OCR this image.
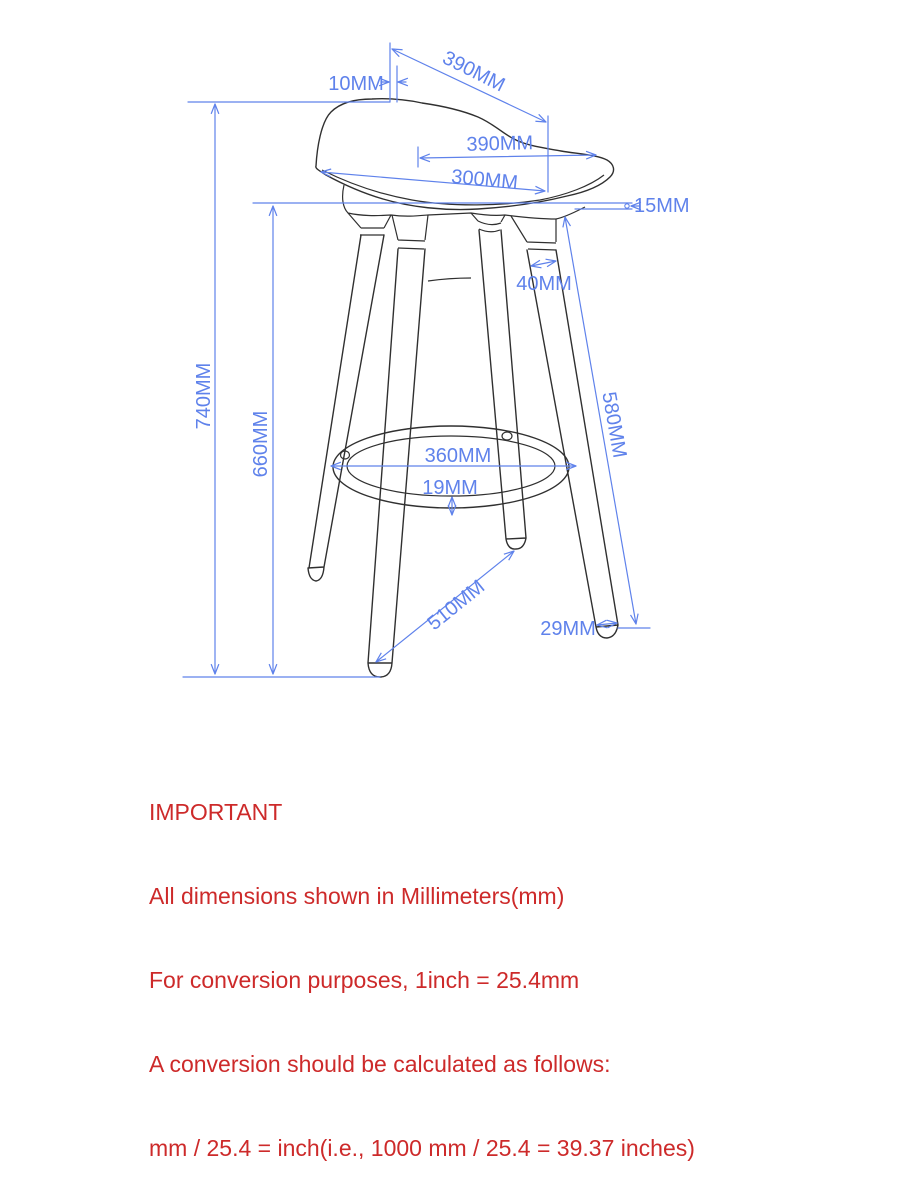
10MM	390MM
390MM
300MM
15MM
40MM
740MM
660MM	580MM
360MM
19MM
510MM	29MM

IMPORTANT

All dimensions shown in Millimeters(mm)

For conversion purposes, 1inch = 25.4mm

A conversion should be calculated as follows:

mm / 25.4 = inch(i.e., 1000 mm / 25.4 = 39.37 inches)
